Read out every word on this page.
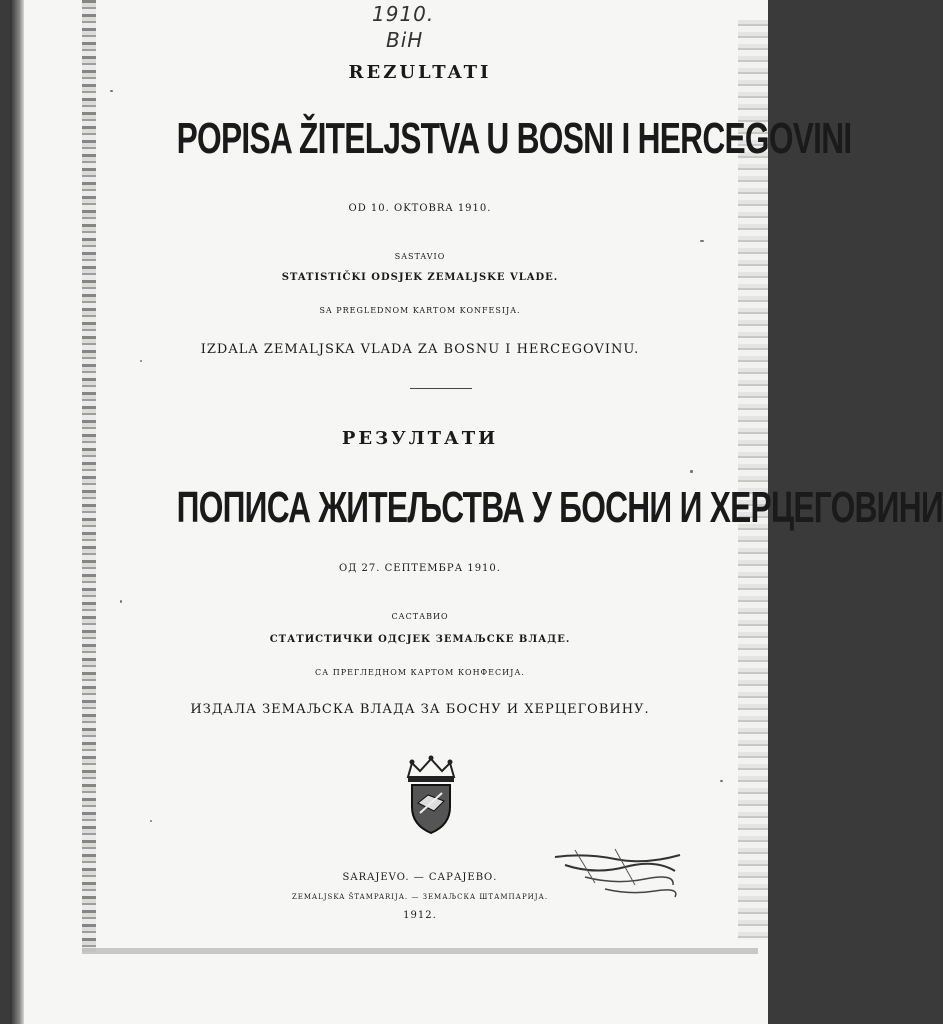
1910.
BiH
REZULTATI
POPISA ŽITELJSTVA U BOSNI I HERCEGOVINI
OD 10. OKTOBRA 1910.
SASTAVIO
STATISTIČKI ODSJEK ZEMALJSKE VLADE.
SA PREGLEDNOM KARTOM KONFESIJA.
IZDALA ZEMALJSKA VLADA ZA BOSNU I HERCEGOVINU.
РЕЗУЛТАТИ
ПОПИСА ЖИТЕЉСТВА У БОСНИ И ХЕРЦЕГОВИНИ
ОД 27. СЕПТЕМБРА 1910.
САСТАВИО
СТАТИСТИЧКИ ОДСЈЕК ЗЕМАЉСКЕ ВЛАДЕ.
СА ПРЕГЛЕДНОМ КАРТОМ КОНФЕСИЈА.
ИЗДАЛА ЗЕМАЉСКА ВЛАДА ЗА БОСНУ И ХЕРЦЕГОВИНУ.
SARAJEVO. — САРАЈЕВО.
ZEMALJSKA ŠTAMPARIJA. — ЗЕМАЉСКА ШТАМПАРИЈА.
1912.
